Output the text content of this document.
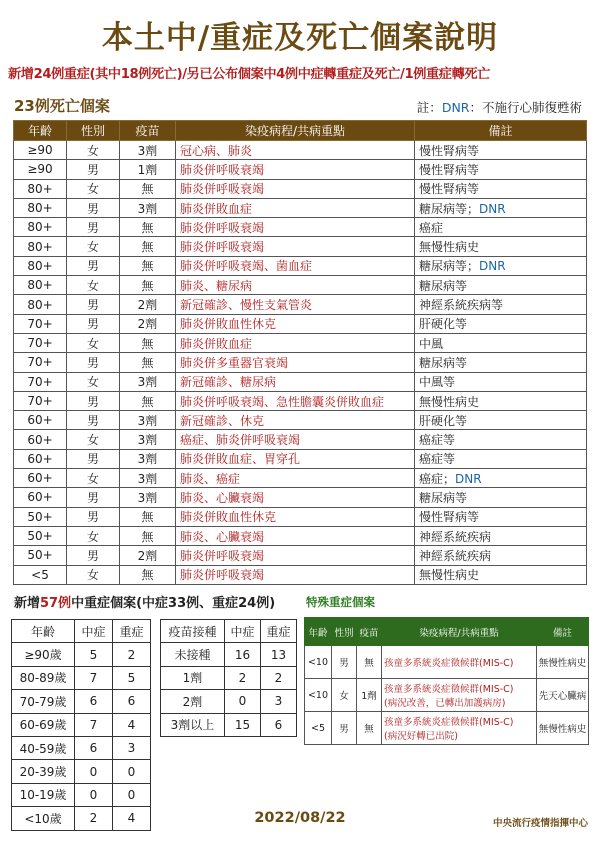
本土中/重症及死亡個案說明
新增24例重症(其中18例死亡)/另已公布個案中4例中症轉重症及死亡/1例重症轉死亡
23例死亡個案	註：DNR：不施行心肺復甦術
年齡	性別	疫苗	染疫病程/共病重點	備註
≥90	女	3劑	冠心病、肺炎	慢性腎病等
≥90	男	1劑	肺炎併呼吸衰竭	慢性腎病等
80+	女	無	肺炎併呼吸衰竭	慢性腎病等
80+	男	3劑	肺炎併敗血症	糖尿病等；DNR
80+	男	無	肺炎併呼吸衰竭	癌症
80+	女	無	肺炎併呼吸衰竭	無慢性病史
80+	男	無	肺炎併呼吸衰竭、菌血症	糖尿病等；DNR
80+	女	無	肺炎、糖尿病	糖尿病等
80+	男	2劑	新冠確診、慢性支氣管炎	神經系統疾病等
70+	男	2劑	肺炎併敗血性休克	肝硬化等
70+	女	無	肺炎併敗血症	中風
70+	男	無	肺炎併多重器官衰竭	糖尿病等
70+	女	3劑	新冠確診、糖尿病	中風等
70+	男	無	肺炎併呼吸衰竭、急性膽囊炎併敗血症	無慢性病史
60+	男	3劑	新冠確診、休克	肝硬化等
60+	女	3劑	癌症、肺炎併呼吸衰竭	癌症等
60+	男	3劑	肺炎併敗血症、胃穿孔	癌症等
60+	女	3劑	肺炎、癌症	癌症；DNR
60+	男	3劑	肺炎、心臟衰竭	糖尿病等
50+	男	無	肺炎併敗血性休克	慢性腎病等
50+	女	無	肺炎、心臟衰竭	神經系統疾病
50+	男	2劑	肺炎併呼吸衰竭	神經系統疾病
<5	女	無	肺炎併呼吸衰竭	無慢性病史
新增57例中重症個案(中症33例、重症24例)	特殊重症個案
年齡	中症	重症
≥90歲	5	2
80-89歲	7	5
70-79歲	6	6
60-69歲	7	4
40-59歲	6	3
20-39歲	0	0
10-19歲	0	0
<10歲	2	4
疫苗接種	中症	重症
未接種	16	13
1劑	2	2
2劑	0	3
3劑以上	15	6
年齡	性別	疫苗	染疫病程/共病重點	備註
<10	男	無	孩童多系統炎症徵候群(MIS-C)	無慢性病史
<10	女	1劑	孩童多系統炎症徵候群(MIS-C)
(病況改善，已轉出加護病房)	先天心臟病
<5	男	無	孩童多系統炎症徵候群(MIS-C)
(病況好轉已出院)	無慢性病史
2022/08/22	中央流行疫情指揮中心
